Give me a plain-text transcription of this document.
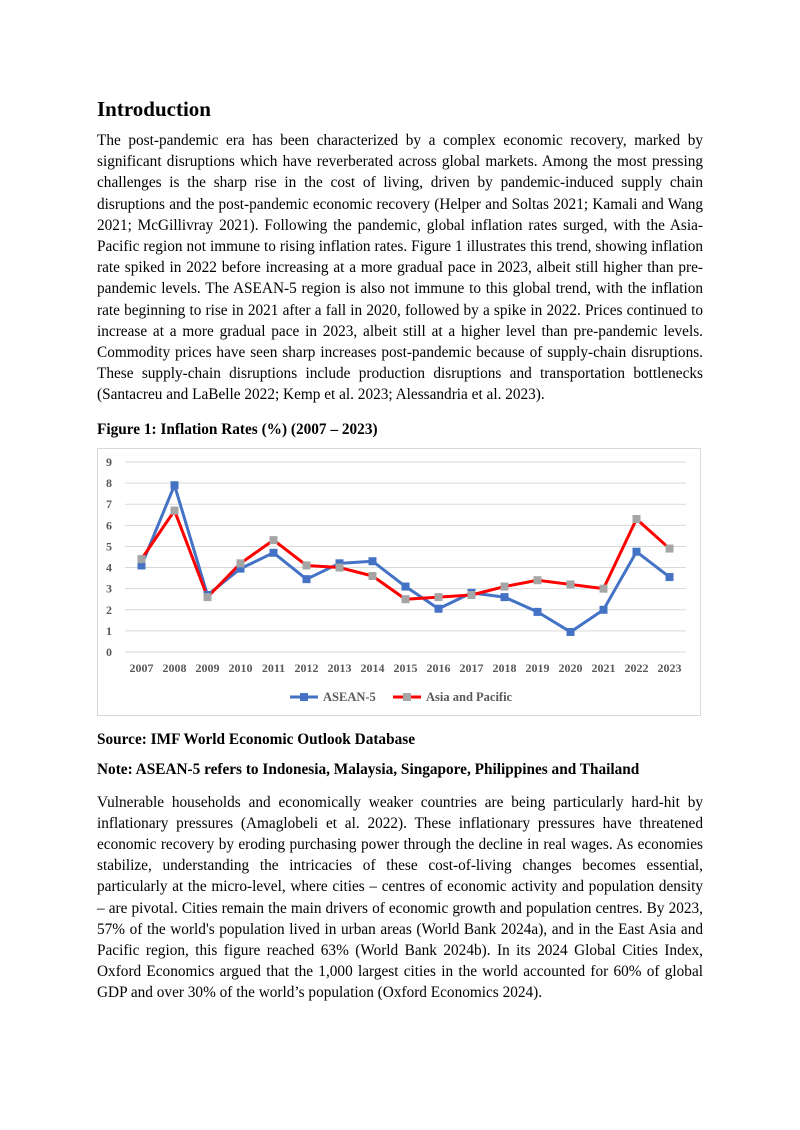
Introduction

The post-pandemic era has been characterized by a complex economic recovery, marked by significant disruptions which have reverberated across global markets. Among the most pressing challenges is the sharp rise in the cost of living, driven by pandemic-induced supply chain disruptions and the post-pandemic economic recovery (Helper and Soltas 2021; Kamali and Wang 2021; McGillivray 2021). Following the pandemic, global inflation rates surged, with the Asia-Pacific region not immune to rising inflation rates. Figure 1 illustrates this trend, showing inflation rate spiked in 2022 before increasing at a more gradual pace in 2023, albeit still higher than pre-pandemic levels. The ASEAN-5 region is also not immune to this global trend, with the inflation rate beginning to rise in 2021 after a fall in 2020, followed by a spike in 2022. Prices continued to increase at a more gradual pace in 2023, albeit still at a higher level than pre-pandemic levels. Commodity prices have seen sharp increases post-pandemic because of supply-chain disruptions. These supply-chain disruptions include production disruptions and transportation bottlenecks (Santacreu and LaBelle 2022; Kemp et al. 2023; Alessandria et al. 2023).

Figure 1: Inflation Rates (%) (2007 – 2023)
0
1
2
3
4
5
6
7
8
9
2007 2008 2009 2010 2011 2012 2013 2014 2015 2016 2017 2018 2019 2020 2021 2022 2023
ASEAN-5	Asia and Pacific
Source: IMF World Economic Outlook Database
Note: ASEAN-5 refers to Indonesia, Malaysia, Singapore, Philippines and Thailand

Vulnerable households and economically weaker countries are being particularly hard-hit by inflationary pressures (Amaglobeli et al. 2022). These inflationary pressures have threatened economic recovery by eroding purchasing power through the decline in real wages. As economies stabilize, understanding the intricacies of these cost-of-living changes becomes essential, particularly at the micro-level, where cities – centres of economic activity and population density – are pivotal. Cities remain the main drivers of economic growth and population centres. By 2023, 57% of the world's population lived in urban areas (World Bank 2024a), and in the East Asia and Pacific region, this figure reached 63% (World Bank 2024b). In its 2024 Global Cities Index, Oxford Economics argued that the 1,000 largest cities in the world accounted for 60% of global GDP and over 30% of the world’s population (Oxford Economics 2024).
